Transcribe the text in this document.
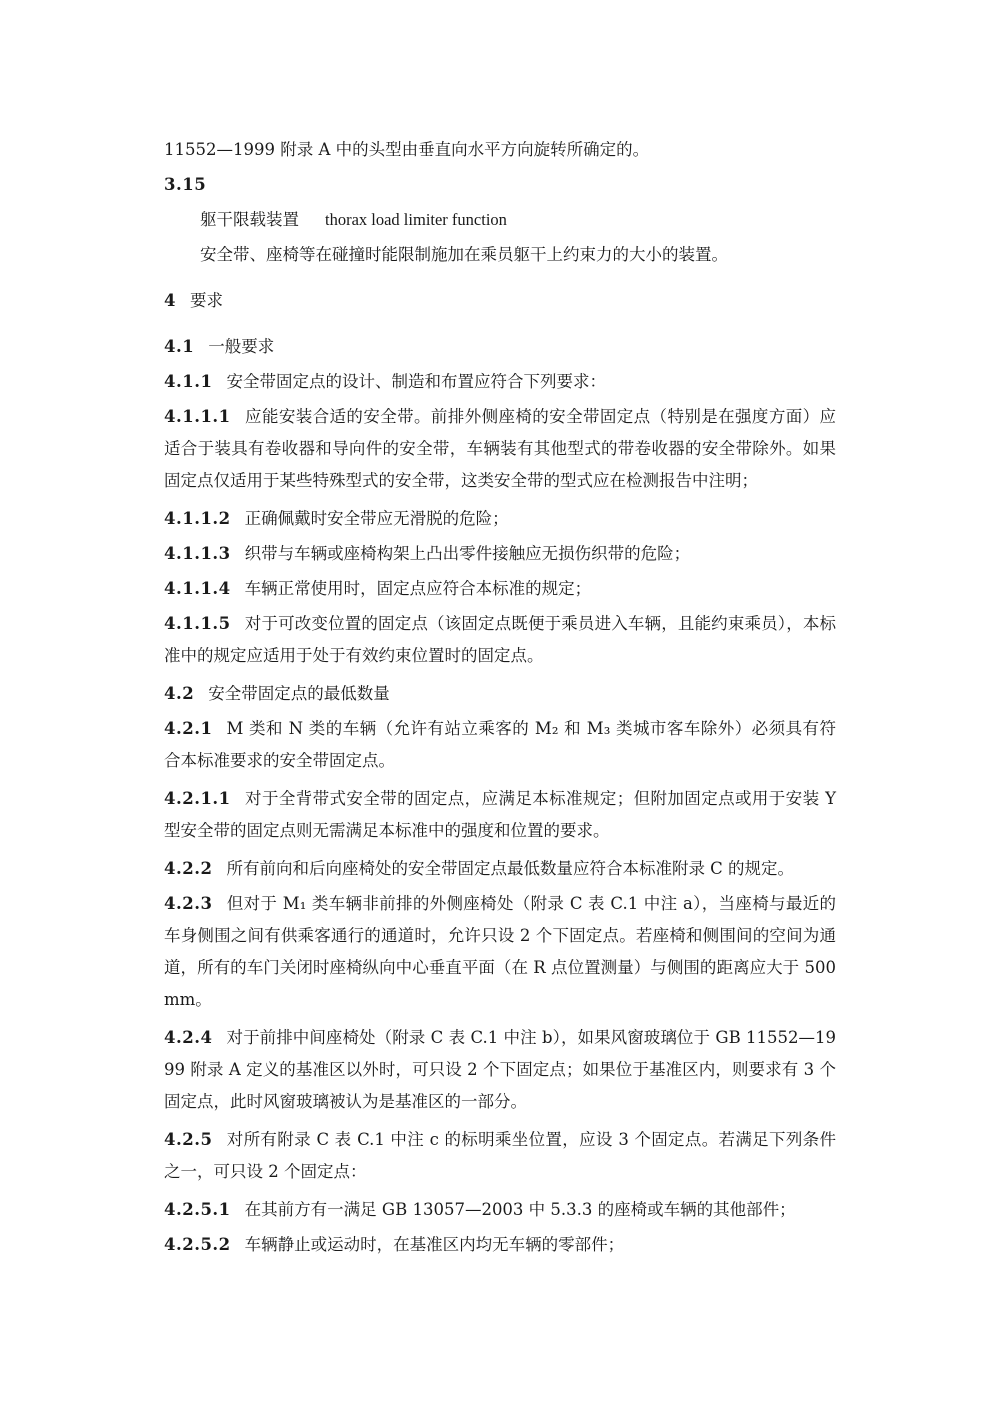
11552—1999 附录 A 中的头型由垂直向水平方向旋转所确定的。

3.15

躯干限载装置 thorax load limiter function

安全带、座椅等在碰撞时能限制施加在乘员躯干上约束力的大小的装置。

4 要求

4.1 一般要求

4.1.1 安全带固定点的设计、制造和布置应符合下列要求：

4.1.1.1 应能安装合适的安全带。前排外侧座椅的安全带固定点（特别是在强度方面）应适合于装具有卷收器和导向件的安全带，车辆装有其他型式的带卷收器的安全带除外。如果固定点仅适用于某些特殊型式的安全带，这类安全带的型式应在检测报告中注明；

4.1.1.2 正确佩戴时安全带应无滑脱的危险；

4.1.1.3 织带与车辆或座椅构架上凸出零件接触应无损伤织带的危险；

4.1.1.4 车辆正常使用时，固定点应符合本标准的规定；

4.1.1.5 对于可改变位置的固定点（该固定点既便于乘员进入车辆，且能约束乘员），本标准中的规定应适用于处于有效约束位置时的固定点。

4.2 安全带固定点的最低数量

4.2.1 M 类和 N 类的车辆（允许有站立乘客的 M₂ 和 M₃ 类城市客车除外）必须具有符合本标准要求的安全带固定点。

4.2.1.1 对于全背带式安全带的固定点，应满足本标准规定；但附加固定点或用于安装 Y 型安全带的固定点则无需满足本标准中的强度和位置的要求。

4.2.2 所有前向和后向座椅处的安全带固定点最低数量应符合本标准附录 C 的规定。

4.2.3 但对于 M₁ 类车辆非前排的外侧座椅处（附录 C 表 C.1 中注 a），当座椅与最近的车身侧围之间有供乘客通行的通道时，允许只设 2 个下固定点。若座椅和侧围间的空间为通道，所有的车门关闭时座椅纵向中心垂直平面（在 R 点位置测量）与侧围的距离应大于 500mm。

4.2.4 对于前排中间座椅处（附录 C 表 C.1 中注 b），如果风窗玻璃位于 GB 11552—1999 附录 A 定义的基准区以外时，可只设 2 个下固定点；如果位于基准区内，则要求有 3 个固定点，此时风窗玻璃被认为是基准区的一部分。

4.2.5 对所有附录 C 表 C.1 中注 c 的标明乘坐位置，应设 3 个固定点。若满足下列条件之一，可只设 2 个固定点：

4.2.5.1 在其前方有一满足 GB 13057—2003 中 5.3.3 的座椅或车辆的其他部件；

4.2.5.2 车辆静止或运动时，在基准区内均无车辆的零部件；
